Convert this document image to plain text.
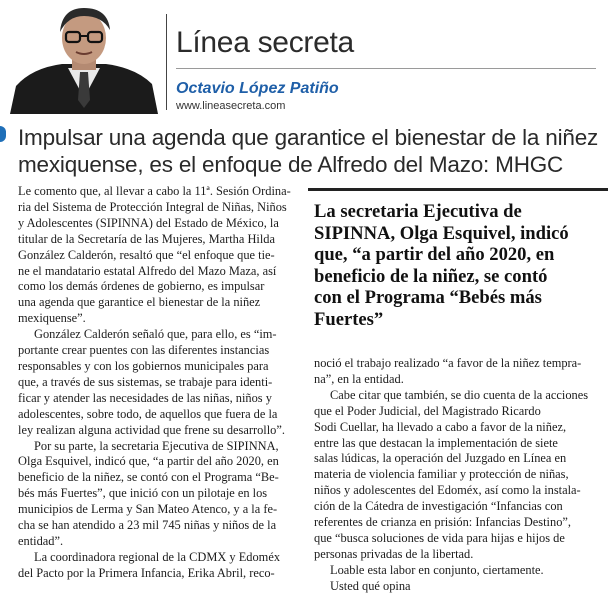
Línea secreta
Octavio López Patiño
www.lineasecreta.com
Impulsar una agenda que garantice el bienestar de la niñez
mexiquense, es el enfoque de Alfredo del Mazo: MHGC
Le comento que, al llevar a cabo la 11ª. Sesión Ordina-
ria del Sistema de Protección Integral de Niñas, Niños
y Adolescentes (SIPINNA) del Estado de México, la
titular de la Secretaría de las Mujeres, Martha Hilda
González Calderón, resaltó que “el enfoque que tie-
ne el mandatario estatal Alfredo del Mazo Maza, así
como los demás órdenes de gobierno, es impulsar
una agenda que garantice el bienestar de la niñez
mexiquense”.
González Calderón señaló que, para ello, es “im-
portante crear puentes con las diferentes instancias
responsables y con los gobiernos municipales para
que, a través de sus sistemas, se trabaje para identi-
ficar y atender las necesidades de las niñas, niños y
adolescentes, sobre todo, de aquellos que fuera de la
ley realizan alguna actividad que frene su desarrollo”.
Por su parte, la secretaria Ejecutiva de SIPINNA,
Olga Esquivel, indicó que, “a partir del año 2020, en
beneficio de la niñez, se contó con el Programa “Be-
bés más Fuertes”, que inició con un pilotaje en los
municipios de Lerma y San Mateo Atenco, y a la fe-
cha se han atendido a 23 mil 745 niñas y niños de la
entidad”.
La coordinadora regional de la CDMX y Edoméx
del Pacto por la Primera Infancia, Erika Abril, reco-
La secretaria Ejecutiva de
SIPINNA, Olga Esquivel, indicó
que, “a partir del año 2020, en
beneficio de la niñez, se contó
con el Programa “Bebés más
Fuertes”
noció el trabajo realizado “a favor de la niñez tempra-
na”, en la entidad.
Cabe citar que también, se dio cuenta de la acciones
que el Poder Judicial, del Magistrado Ricardo
Sodi Cuellar, ha llevado a cabo a favor de la niñez,
entre las que destacan la implementación de siete
salas lúdicas, la operación del Juzgado en Línea en
materia de violencia familiar y protección de niñas,
niños y adolescentes del Edoméx, así como la instala-
ción de la Cátedra de investigación “Infancias con
referentes de crianza en prisión: Infancias Destino”,
que “busca soluciones de vida para hijas e hijos de
personas privadas de la libertad.
Loable esta labor en conjunto, ciertamente.
Usted qué opina
